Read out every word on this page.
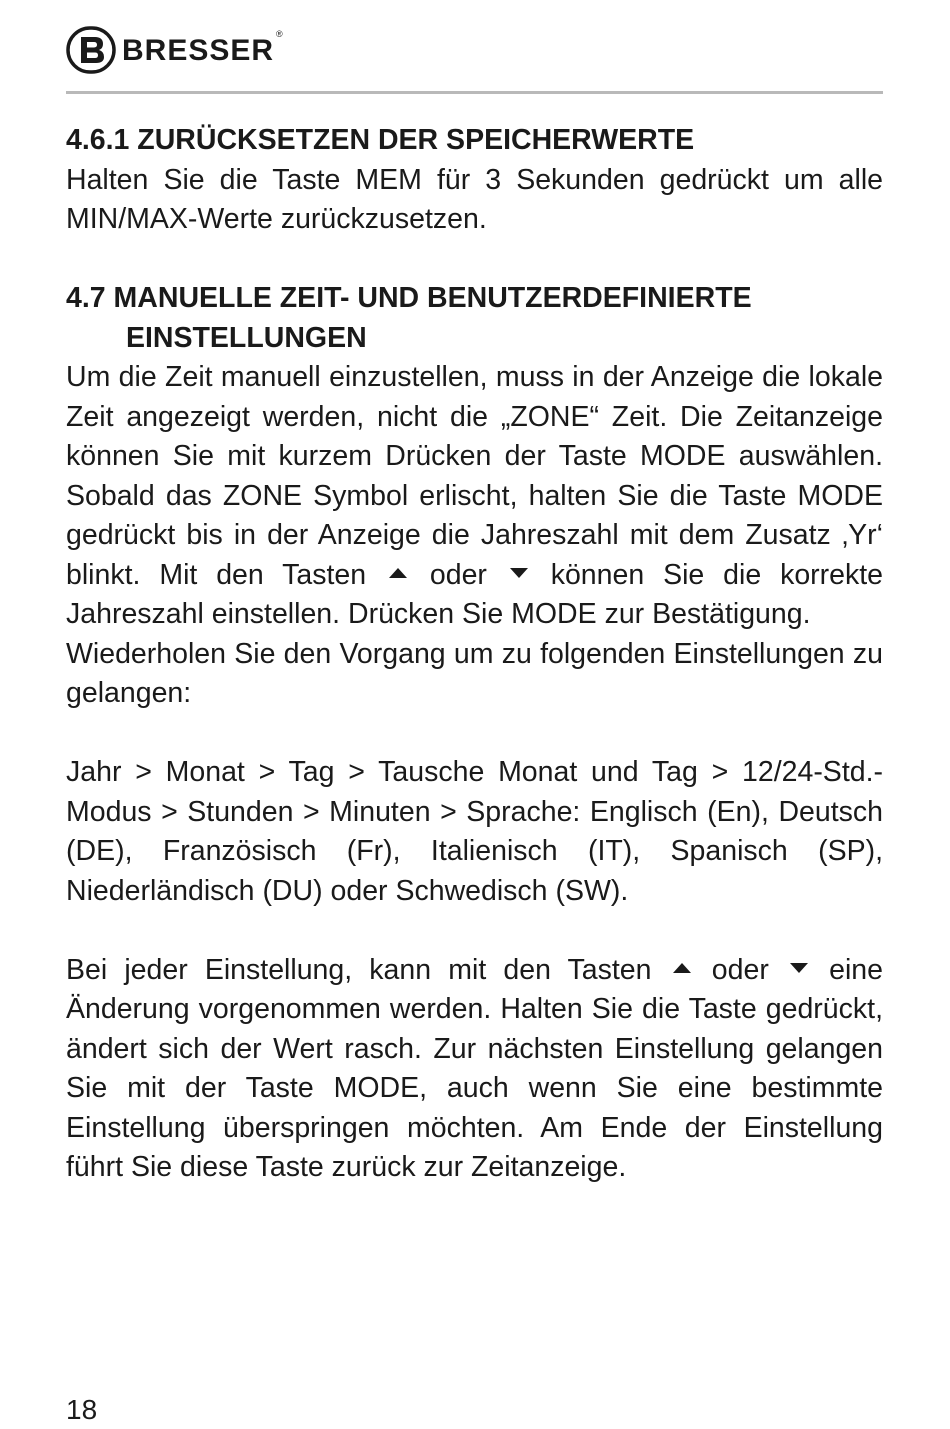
BRESSER ®
4.6.1 ZURÜCKSETZEN DER SPEICHERWERTE

Halten Sie die Taste MEM für 3 Sekunden gedrückt um alle MIN/MAX-Werte zurückzusetzen.

4.7 MANUELLE ZEIT- UND BENUTZERDEFINIERTE EINSTELLUNGEN

Um die Zeit manuell einzustellen, muss in der Anzeige die lokale Zeit angezeigt werden, nicht die „ZONE“ Zeit. Die Zeitanzeige können Sie mit kurzem Drücken der Taste MODE auswählen. Sobald das ZONE Symbol erlischt, halten Sie die Taste MODE gedrückt bis in der Anzeige die Jahreszahl mit dem Zusatz ‚Yr‘ blinkt. Mit den Tasten oder können Sie die korrekte Jahreszahl einstellen. Drücken Sie MODE zur Bestätigung.

Wiederholen Sie den Vorgang um zu folgenden Einstellungen zu gelangen:

Jahr > Monat > Tag > Tausche Monat und Tag > 12/24-Std.-Modus > Stunden > Minuten > Sprache: Englisch (En), Deutsch (DE), Französisch (Fr), Italienisch (IT), Spanisch (SP), Niederländisch (DU) oder Schwedisch (SW).

Bei jeder Einstellung, kann mit den Tasten oder eine Änderung vorgenommen werden. Halten Sie die Taste gedrückt, ändert sich der Wert rasch. Zur nächsten Einstellung gelangen Sie mit der Taste MODE, auch wenn Sie eine bestimmte Einstellung überspringen möchten. Am Ende der Einstellung führt Sie diese Taste zurück zur Zeitanzeige.

18
